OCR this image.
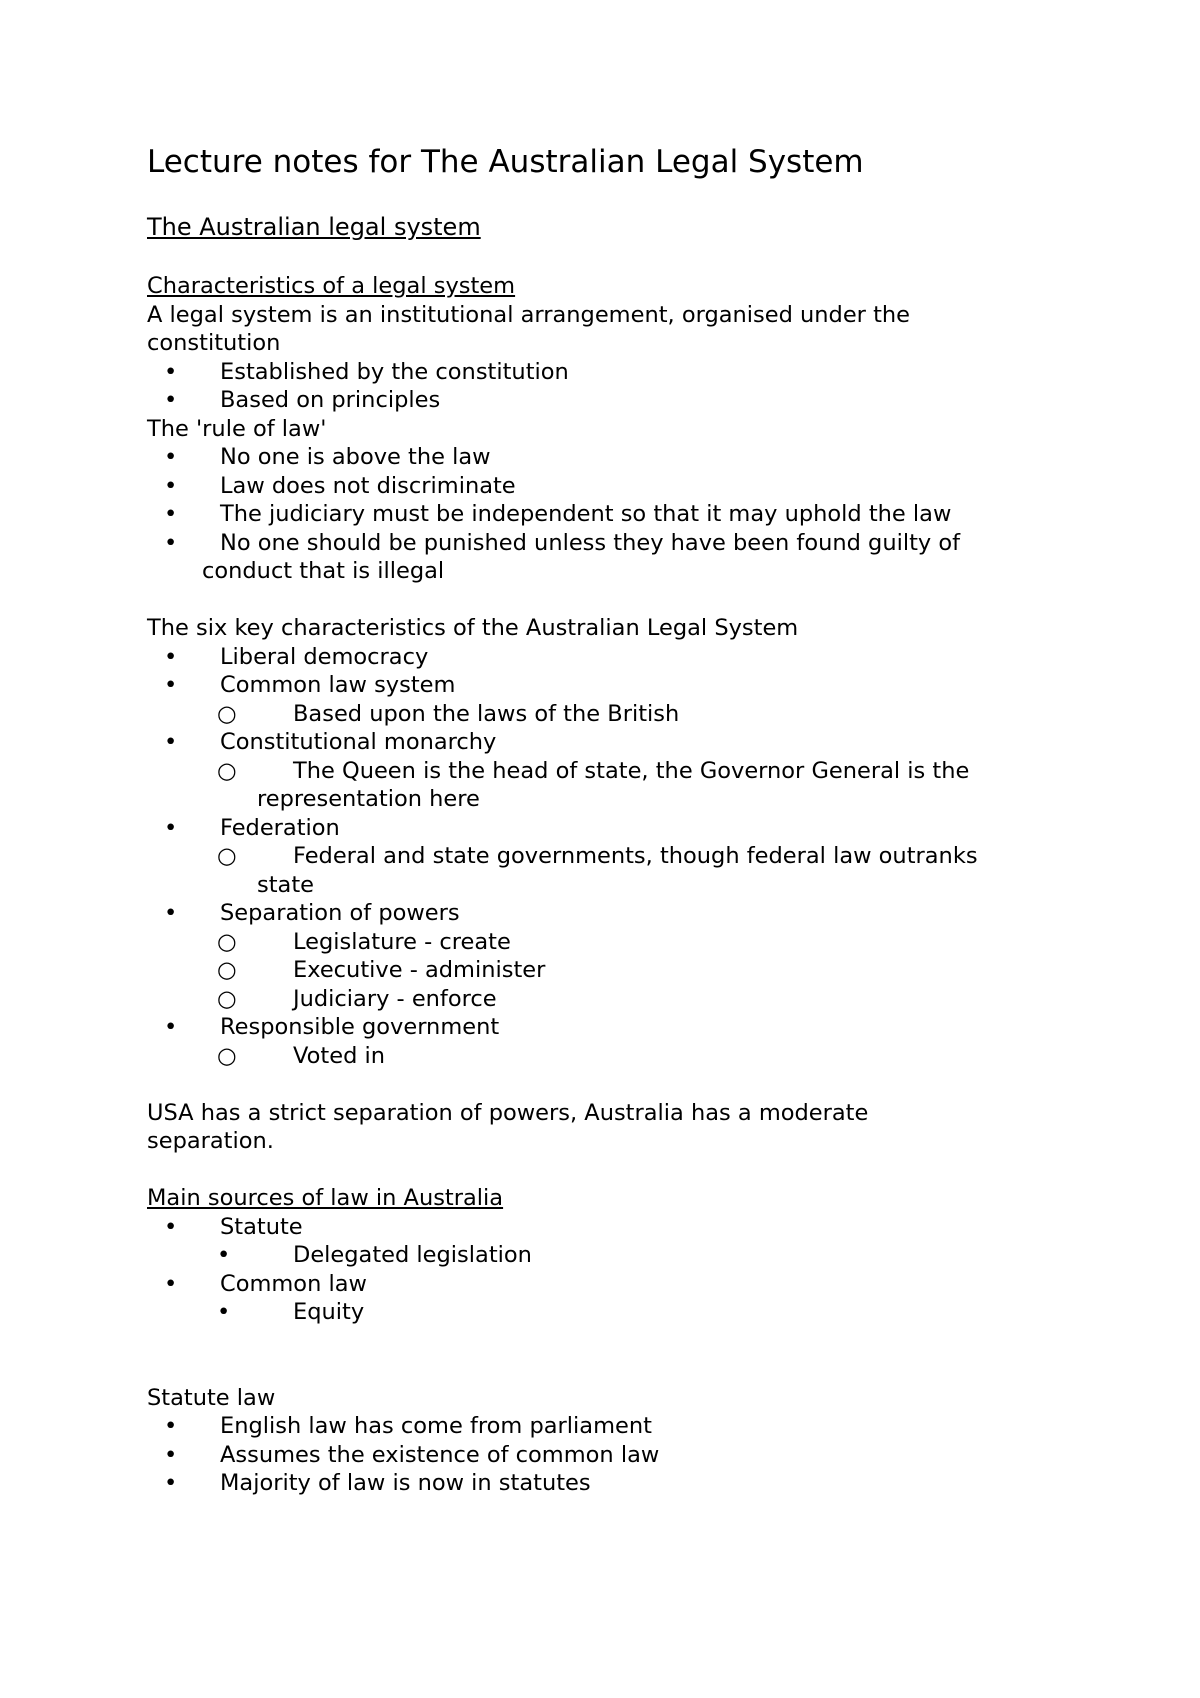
Lecture notes for The Australian Legal System
The Australian legal system
Characteristics of a legal system
A legal system is an institutional arrangement, organised under the
constitution
• Established by the constitution
• Based on principles
The 'rule of law'
• No one is above the law
• Law does not discriminate
• The judiciary must be independent so that it may uphold the law
• No one should be punished unless they have been found guilty of
conduct that is illegal
The six key characteristics of the Australian Legal System
• Liberal democracy
• Common law system
○	Based upon the laws of the British
• Constitutional monarchy
○	The Queen is the head of state, the Governor General is the
representation here
• Federation
○	Federal and state governments, though federal law outranks
state
• Separation of powers
○	Legislature - create
○	Executive - administer
○	Judiciary - enforce
• Responsible government
○	Voted in
USA has a strict separation of powers, Australia has a moderate
separation.
Main sources of law in Australia
• Statute
•	Delegated legislation
• Common law
•	Equity
Statute law
• English law has come from parliament
• Assumes the existence of common law
• Majority of law is now in statutes
